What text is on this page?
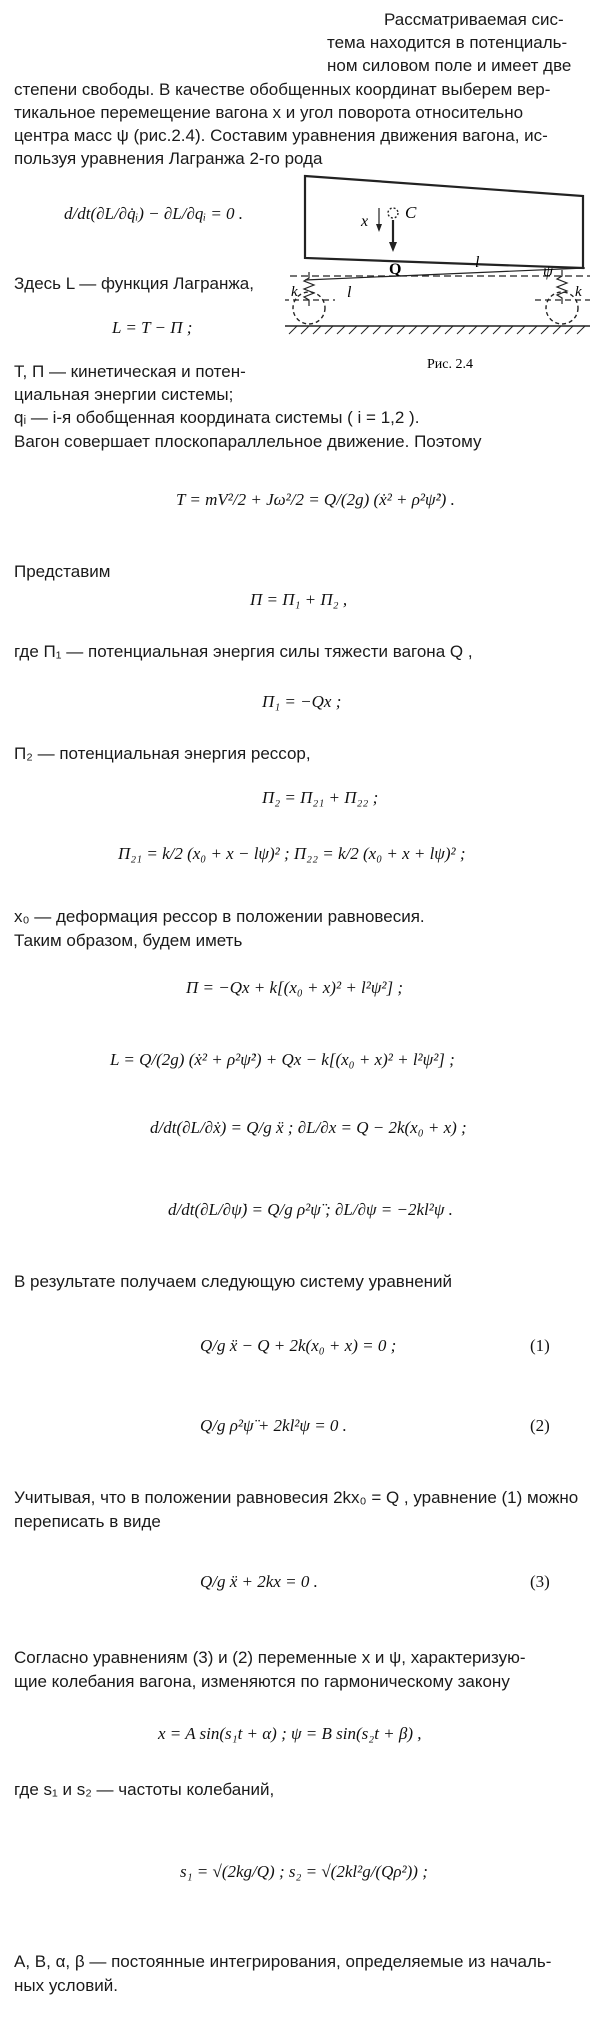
Рассматриваемая сис-
тема находится в потенциаль-
ном силовом поле и имеет две
степени свободы. В качестве обобщенных координат выберем вер-
тикальное перемещение вагона x и угол поворота относительно
центра масс ψ (рис.2.4). Составим уравнения движения вагона, ис-
пользуя уравнения Лагранжа 2-го рода
C
x
Q	l
l
ψ
k	k
Рис. 2.4
d/dt(∂L/∂q̇ᵢ) − ∂L/∂qᵢ = 0 .
Здесь L — функция Лагранжа,
L = T − Π ;
T, Π — кинетическая и потен-
циальная энергии системы;
qᵢ — i-я обобщенная координата системы ( i = 1,2 ).
Вагон совершает плоскопараллельное движение. Поэтому
T = mV²/2 + Jω²/2 = Q/(2g) (ẋ² + ρ²ψ̇²) .
Представим
Π = Π₁ + Π₂ ,
где Π₁ — потенциальная энергия силы тяжести вагона Q ,
Π₁ = −Qx ;
Π₂ — потенциальная энергия рессор,
Π₂ = Π₂₁ + Π₂₂ ;
Π₂₁ = k/2 (x₀ + x − lψ)² ; Π₂₂ = k/2 (x₀ + x + lψ)² ;
x₀ — деформация рессор в положении равновесия.
Таким образом, будем иметь
Π = −Qx + k[(x₀ + x)² + l²ψ²] ;
L = Q/(2g) (ẋ² + ρ²ψ̇²) + Qx − k[(x₀ + x)² + l²ψ²] ;
d/dt(∂L/∂ẋ) = Q/g ẍ ; ∂L/∂x = Q − 2k(x₀ + x) ;
d/dt(∂L/∂ψ̇) = Q/g ρ²ψ̈ ; ∂L/∂ψ = −2kl²ψ .
В результате получаем следующую систему уравнений
Q/g ẍ − Q + 2k(x₀ + x) = 0 ;	(1)
Q/g ρ²ψ̈ + 2kl²ψ = 0 .	(2)
Учитывая, что в положении равновесия 2kx₀ = Q , уравнение (1) можно
переписать в виде
Q/g ẍ + 2kx = 0 .	(3)
Согласно уравнениям (3) и (2) переменные x и ψ, характеризую-
щие колебания вагона, изменяются по гармоническому закону
x = A sin(s₁t + α) ; ψ = B sin(s₂t + β) ,
где s₁ и s₂ — частоты колебаний,
s₁ = √(2kg/Q) ; s₂ = √(2kl²g/(Qρ²)) ;
A, B, α, β — постоянные интегрирования, определяемые из началь-
ных условий.
